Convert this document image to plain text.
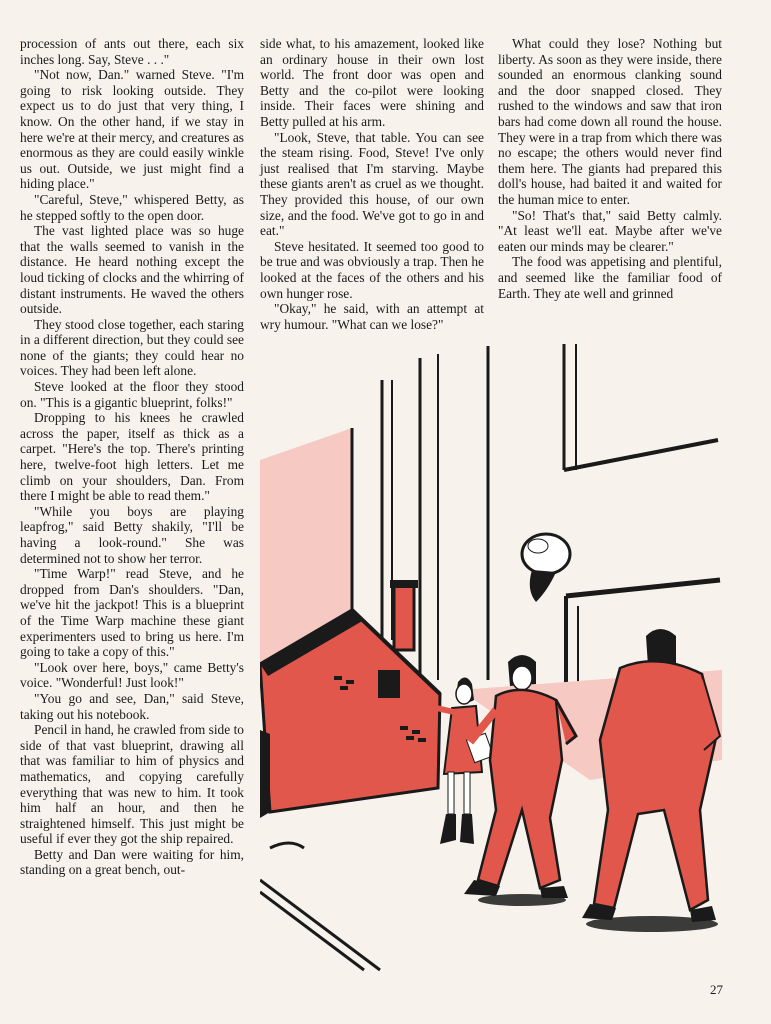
procession of ants out there, each six inches long. Say, Steve . . ."

"Not now, Dan." warned Steve. "I'm going to risk looking outside. They expect us to do just that very thing, I know. On the other hand, if we stay in here we're at their mercy, and creatures as enormous as they are could easily winkle us out. Outside, we just might find a hiding place."

"Careful, Steve," whispered Betty, as he stepped softly to the open door.

The vast lighted place was so huge that the walls seemed to vanish in the distance. He heard nothing except the loud ticking of clocks and the whirring of distant instruments. He waved the others outside.

They stood close together, each staring in a different direction, but they could see none of the giants; they could hear no voices. They had been left alone.

Steve looked at the floor they stood on. "This is a gigantic blueprint, folks!"

Dropping to his knees he crawled across the paper, itself as thick as a carpet. "Here's the top. There's printing here, twelve-foot high letters. Let me climb on your shoulders, Dan. From there I might be able to read them."

"While you boys are playing leapfrog," said Betty shakily, "I'll be having a look-round." She was determined not to show her terror.

"Time Warp!" read Steve, and he dropped from Dan's shoulders. "Dan, we've hit the jackpot! This is a blueprint of the Time Warp machine these giant experimenters used to bring us here. I'm going to take a copy of this."

"Look over here, boys," came Betty's voice. "Wonderful! Just look!"

"You go and see, Dan," said Steve, taking out his notebook.

Pencil in hand, he crawled from side to side of that vast blueprint, drawing all that was familiar to him of physics and mathematics, and copying carefully everything that was new to him. It took him half an hour, and then he straightened himself. This just might be useful if ever they got the ship repaired.

Betty and Dan were waiting for him, standing on a great bench, out-

side what, to his amazement, looked like an ordinary house in their own lost world. The front door was open and Betty and the co-pilot were looking inside. Their faces were shining and Betty pulled at his arm.

"Look, Steve, that table. You can see the steam rising. Food, Steve! I've only just realised that I'm starving. Maybe these giants aren't as cruel as we thought. They provided this house, of our own size, and the food. We've got to go in and eat."

Steve hesitated. It seemed too good to be true and was obviously a trap. Then he looked at the faces of the others and his own hunger rose.

"Okay," he said, with an attempt at wry humour. "What can we lose?"

What could they lose? Nothing but liberty. As soon as they were inside, there sounded an enormous clanking sound and the door snapped closed. They rushed to the windows and saw that iron bars had come down all round the house. They were in a trap from which there was no escape; the others would never find them here. The giants had prepared this doll's house, had baited it and waited for the human mice to enter.

"So! That's that," said Betty calmly. "At least we'll eat. Maybe after we've eaten our minds may be clearer."

The food was appetising and plentiful, and seemed like the familiar food of Earth. They ate well and grinned

27
